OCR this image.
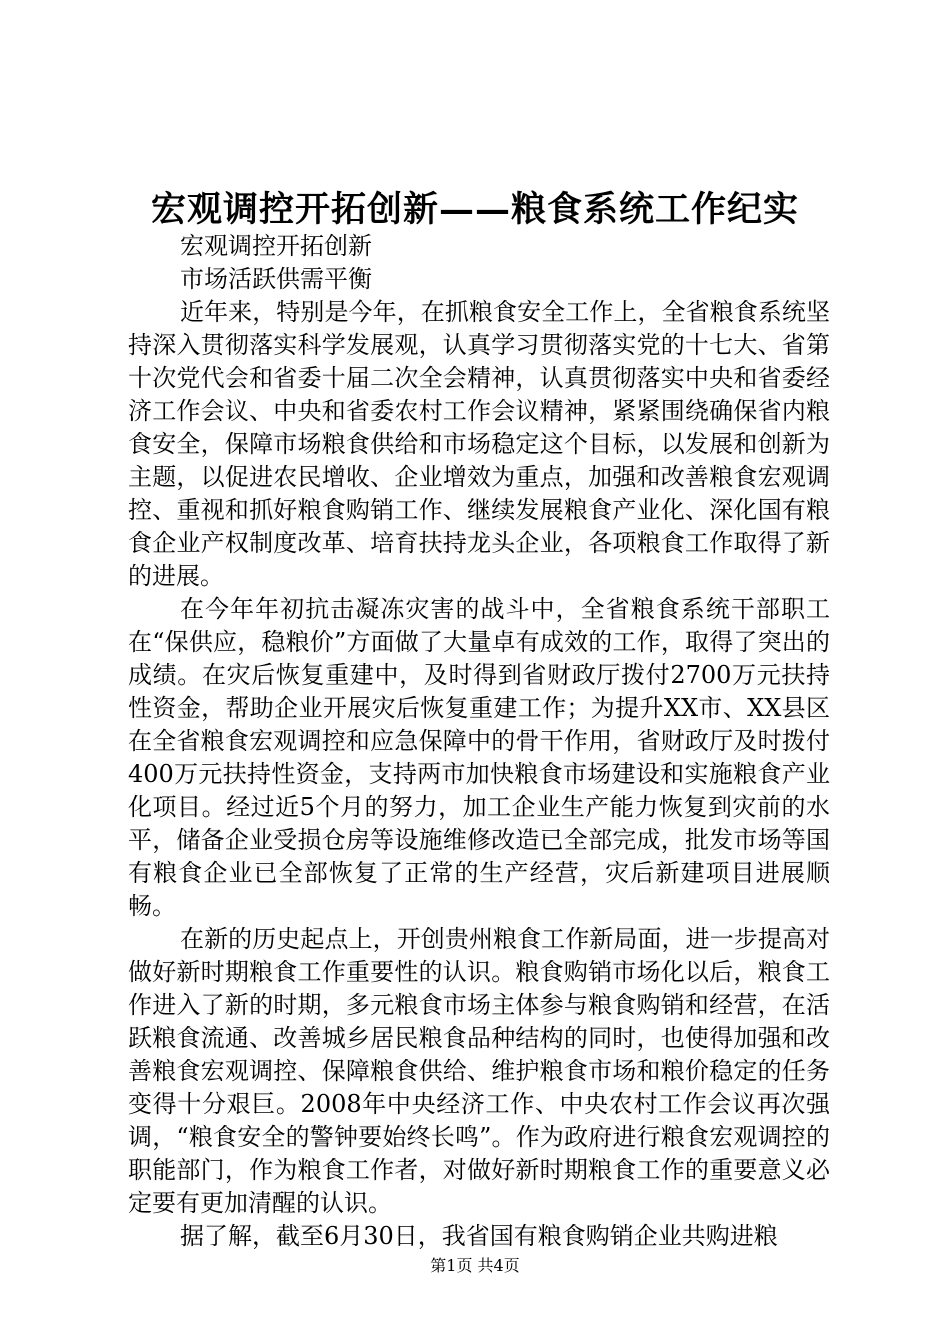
宏观调控开拓创新——粮食系统工作纪实

宏观调控开拓创新

市场活跃供需平衡

近年来，特别是今年，在抓粮食安全工作上，全省粮食系统坚持深入贯彻落实科学发展观，认真学习贯彻落实党的十七大、省第十次党代会和省委十届二次全会精神，认真贯彻落实中央和省委经济工作会议、中央和省委农村工作会议精神，紧紧围绕确保省内粮食安全，保障市场粮食供给和市场稳定这个目标，以发展和创新为主题，以促进农民增收、企业增效为重点，加强和改善粮食宏观调控、重视和抓好粮食购销工作、继续发展粮食产业化、深化国有粮食企业产权制度改革、培育扶持龙头企业，各项粮食工作取得了新的进展。

在今年年初抗击凝冻灾害的战斗中，全省粮食系统干部职工在“保供应，稳粮价”方面做了大量卓有成效的工作，取得了突出的成绩。在灾后恢复重建中，及时得到省财政厅拨付2700万元扶持性资金，帮助企业开展灾后恢复重建工作；为提升XX市、XX县区在全省粮食宏观调控和应急保障中的骨干作用，省财政厅及时拨付400万元扶持性资金，支持两市加快粮食市场建设和实施粮食产业化项目。经过近5个月的努力，加工企业生产能力恢复到灾前的水平，储备企业受损仓房等设施维修改造已全部完成，批发市场等国有粮食企业已全部恢复了正常的生产经营，灾后新建项目进展顺畅。

在新的历史起点上，开创贵州粮食工作新局面，进一步提高对做好新时期粮食工作重要性的认识。粮食购销市场化以后，粮食工作进入了新的时期，多元粮食市场主体参与粮食购销和经营，在活跃粮食流通、改善城乡居民粮食品种结构的同时，也使得加强和改善粮食宏观调控、保障粮食供给、维护粮食市场和粮价稳定的任务变得十分艰巨。2008年中央经济工作、中央农村工作会议再次强调，“粮食安全的警钟要始终长鸣”。作为政府进行粮食宏观调控的职能部门，作为粮食工作者，对做好新时期粮食工作的重要意义必定要有更加清醒的认识。

据了解，截至6月30日，我省国有粮食购销企业共购进粮

第1页 共4页
